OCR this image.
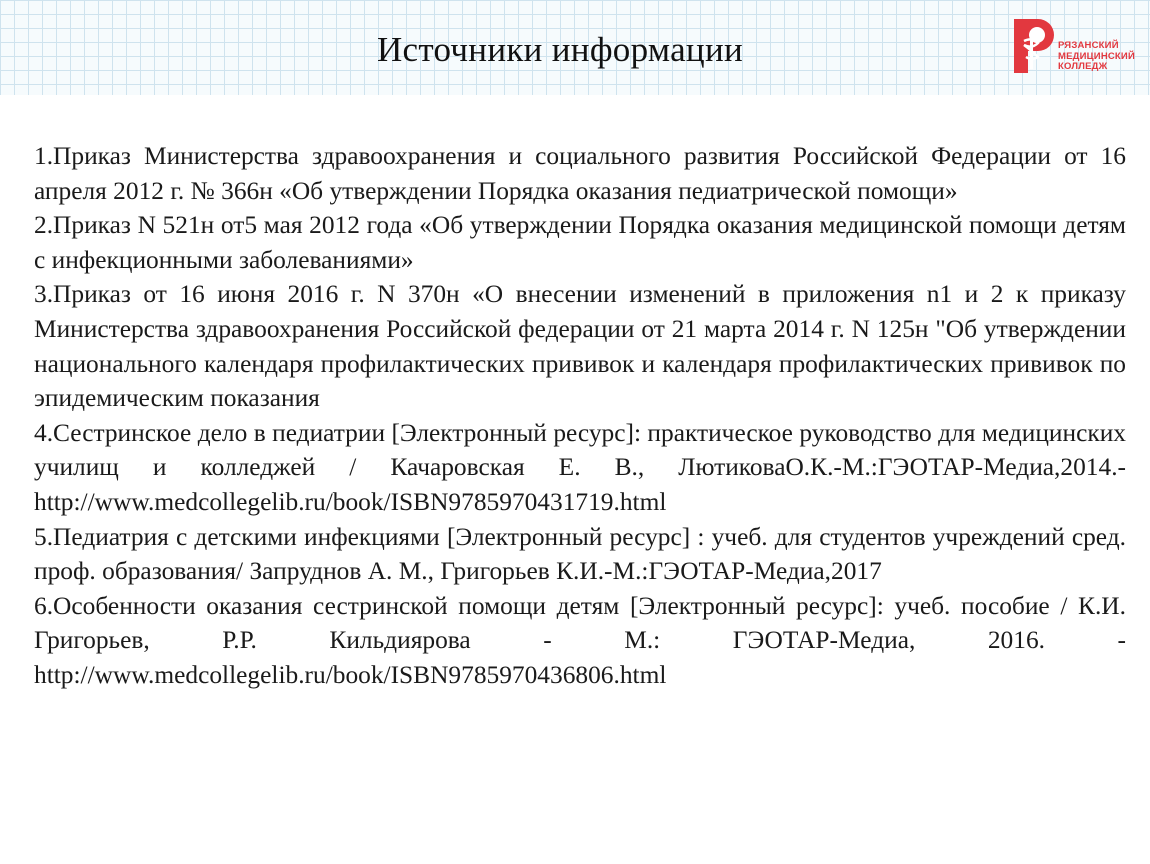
Источники информации	РЯЗАНСКИЙ
МЕДИЦИНСКИЙ
КОЛЛЕДЖ

1.Приказ Министерства здравоохранения и социального развития Российской Федерации от 16 апреля 2012 г. № 366н «Об утверждении Порядка оказания педиатрической помощи»

2.Приказ N 521н от5 мая 2012 года «Об утверждении Порядка оказания медицинской помощи детям с инфекционными заболеваниями»

3.Приказ от 16 июня 2016 г. N 370н «О внесении изменений в приложения n1 и 2 к приказу Министерства здравоохранения Российской федерации от 21 марта 2014 г. N 125н "Об утверждении национального календаря профилактических прививок и календаря профилактических прививок по эпидемическим показания

4.Сестринское дело в педиатрии [Электронный ресурс]: практическое руководство для медицинских училищ и колледжей / Качаровская Е. В., ЛютиковаО.К.-М.:ГЭОТАР-Медиа,2014.- http://www.medcollegelib.ru/book/ISBN9785970431719.html

5.Педиатрия с детскими инфекциями [Электронный ресурс] : учеб. для студентов учреждений сред. проф. образования/ Запруднов А. М., Григорьев К.И.-М.:ГЭОТАР-Медиа,2017

6.Особенности оказания сестринской помощи детям [Электронный ресурс]: учеб. пособие / К.И. Григорьев, Р.Р. Кильдиярова - М.: ГЭОТАР-Медиа, 2016. - http://www.medcollegelib.ru/book/ISBN9785970436806.html
